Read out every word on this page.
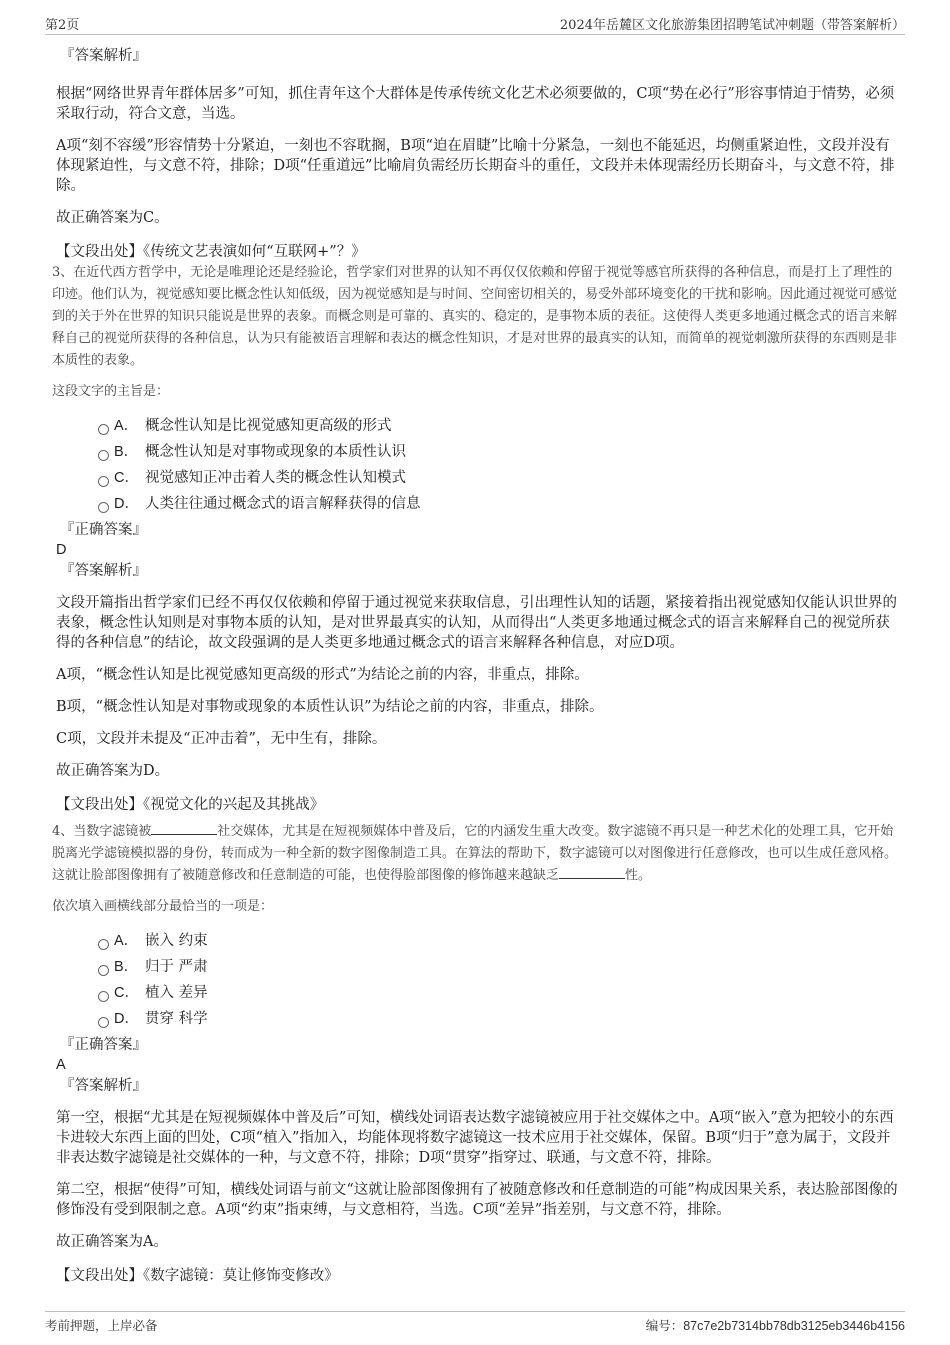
第2页	2024年岳麓区文化旅游集团招聘笔试冲刺题（带答案解析）

『答案解析』

根据“网络世界青年群体居多”可知，抓住青年这个大群体是传承传统文化艺术必须要做的，C项“势在必行”形容事情迫于情势，必须采取行动，符合文意，当选。

A项“刻不容缓”形容情势十分紧迫，一刻也不容耽搁，B项“迫在眉睫”比喻十分紧急，一刻也不能延迟，均侧重紧迫性，文段并没有体现紧迫性，与文意不符，排除；D项“任重道远”比喻肩负需经历长期奋斗的重任，文段并未体现需经历长期奋斗，与文意不符，排除。

故正确答案为C。

【文段出处】《传统文艺表演如何“互联网+”？》

3、在近代西方哲学中，无论是唯理论还是经验论，哲学家们对世界的认知不再仅仅依赖和停留于视觉等感官所获得的各种信息，而是打上了理性的印迹。他们认为，视觉感知要比概念性认知低级，因为视觉感知是与时间、空间密切相关的，易受外部环境变化的干扰和影响。因此通过视觉可感觉到的关于外在世界的知识只能说是世界的表象。而概念则是可靠的、真实的、稳定的，是事物本质的表征。这使得人类更多地通过概念式的语言来解释自己的视觉所获得的各种信息，认为只有能被语言理解和表达的概念性知识，才是对世界的最真实的认知，而简单的视觉刺激所获得的东西则是非本质性的表象。

这段文字的主旨是：

A． 概念性认知是比视觉感知更高级的形式
B． 概念性认知是对事物或现象的本质性认识
C． 视觉感知正冲击着人类的概念性认知模式
D． 人类往往通过概念式的语言解释获得的信息

『正确答案』

D

『答案解析』

文段开篇指出哲学家们已经不再仅仅依赖和停留于通过视觉来获取信息，引出理性认知的话题，紧接着指出视觉感知仅能认识世界的表象，概念性认知则是对事物本质的认知，是对世界最真实的认知，从而得出“人类更多地通过概念式的语言来解释自己的视觉所获得的各种信息”的结论，故文段强调的是人类更多地通过概念式的语言来解释各种信息，对应D项。

A项，“概念性认知是比视觉感知更高级的形式”为结论之前的内容，非重点，排除。

B项，“概念性认知是对事物或现象的本质性认识”为结论之前的内容，非重点，排除。

C项，文段并未提及“正冲击着”，无中生有，排除。

故正确答案为D。

【文段出处】《视觉文化的兴起及其挑战》

4、当数字滤镜被	社交媒体，尤其是在短视频媒体中普及后，它的内涵发生重大改变。数字滤镜不再只是一种艺术化的处理工具，它开始脱离光学滤镜模拟器的身份，转而成为一种全新的数字图像制造工具。在算法的帮助下，数字滤镜可以对图像进行任意修改，也可以生成任意风格。这就让脸部图像拥有了被随意修改和任意制造的可能，也使得脸部图像的修饰越来越缺乏	性。

依次填入画横线部分最恰当的一项是：

A． 嵌入 约束
B． 归于 严肃
C． 植入 差异
D． 贯穿 科学

『正确答案』

A

『答案解析』

第一空，根据“尤其是在短视频媒体中普及后”可知，横线处词语表达数字滤镜被应用于社交媒体之中。A项“嵌入”意为把较小的东西卡进较大东西上面的凹处，C项“植入”指加入，均能体现将数字滤镜这一技术应用于社交媒体，保留。B项“归于”意为属于，文段并非表达数字滤镜是社交媒体的一种，与文意不符，排除；D项“贯穿”指穿过、联通，与文意不符，排除。

第二空，根据“使得”可知，横线处词语与前文“这就让脸部图像拥有了被随意修改和任意制造的可能”构成因果关系，表达脸部图像的修饰没有受到限制之意。A项“约束”指束缚，与文意相符，当选。C项“差异”指差别，与文意不符，排除。

故正确答案为A。

【文段出处】《数字滤镜：莫让修饰变修改》

考前押题，上岸必备	编号：87c7e2b7314bb78db3125eb3446b4156
